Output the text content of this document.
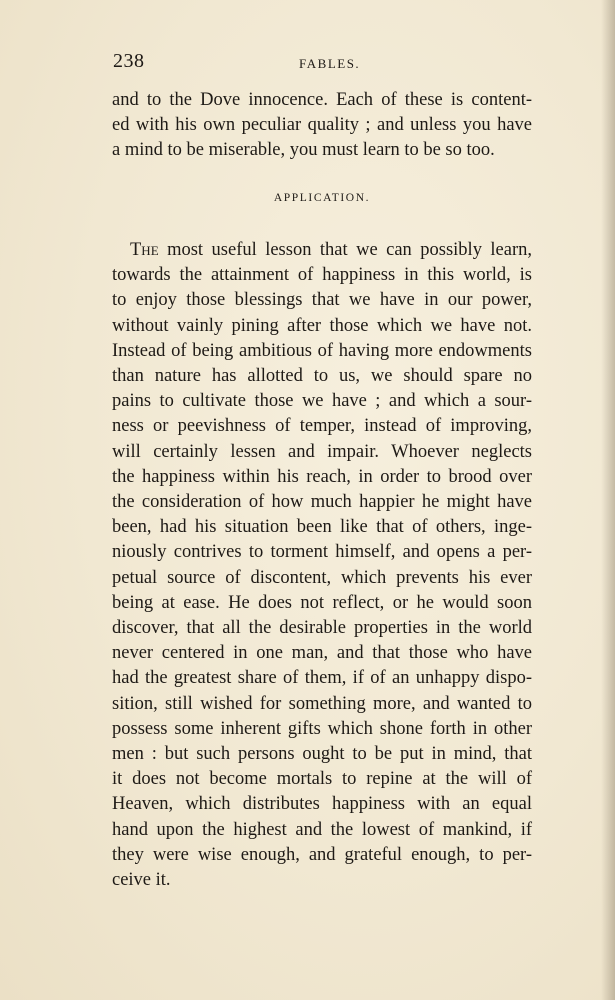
238	FABLES.
and to the Dove innocence. Each of these is content-
ed with his own peculiar quality ; and unless you have
a mind to be miserable, you must learn to be so too.
APPLICATION.
The most useful lesson that we can possibly learn,
towards the attainment of happiness in this world, is
to enjoy those blessings that we have in our power,
without vainly pining after those which we have not.
Instead of being ambitious of having more endowments
than nature has allotted to us, we should spare no
pains to cultivate those we have ; and which a sour-
ness or peevishness of temper, instead of improving,
will certainly lessen and impair. Whoever neglects
the happiness within his reach, in order to brood over
the consideration of how much happier he might have
been, had his situation been like that of others, inge-
niously contrives to torment himself, and opens a per-
petual source of discontent, which prevents his ever
being at ease. He does not reflect, or he would soon
discover, that all the desirable properties in the world
never centered in one man, and that those who have
had the greatest share of them, if of an unhappy dispo-
sition, still wished for something more, and wanted to
possess some inherent gifts which shone forth in other
men : but such persons ought to be put in mind, that
it does not become mortals to repine at the will of
Heaven, which distributes happiness with an equal
hand upon the highest and the lowest of mankind, if
they were wise enough, and grateful enough, to per-
ceive it.
